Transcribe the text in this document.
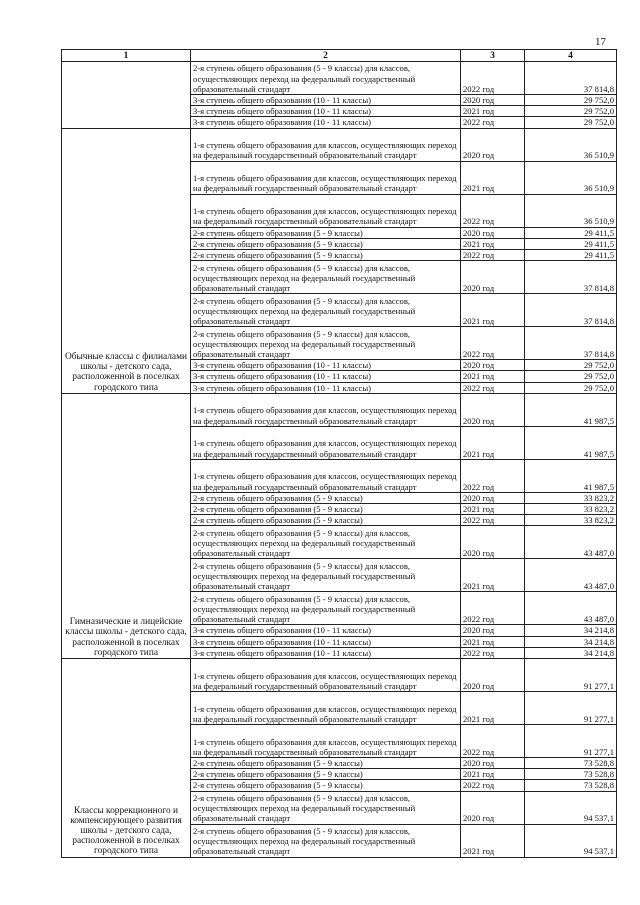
17
1	2	3	4
	2-я ступень общего образования (5 - 9 классы) для классов, осуществляющих переход на федеральный государственный образовательный стандарт	2022 год	37 814,8
	3-я ступень общего образования (10 - 11 классы)	2020 год	29 752,0
	3-я ступень общего образования (10 - 11 классы)	2021 год	29 752,0
	3-я ступень общего образования (10 - 11 классы)	2022 год	29 752,0
Обычные классы с филиалами школы - детского сада, расположенной в поселках городского типа	1-я ступень общего образования для классов, осуществляющих переход на федеральный государственный образовательный стандарт	2020 год	36 510,9
	1-я ступень общего образования для классов, осуществляющих переход на федеральный государственный образовательный стандарт	2021 год	36 510,9
	1-я ступень общего образования для классов, осуществляющих переход на федеральный государственный образовательный стандарт	2022 год	36 510,9
	2-я ступень общего образования (5 - 9 классы)	2020 год	29 411,5
	2-я ступень общего образования (5 - 9 классы)	2021 год	29 411,5
	2-я ступень общего образования (5 - 9 классы)	2022 год	29 411,5
	2-я ступень общего образования (5 - 9 классы) для классов, осуществляющих переход на федеральный государственный образовательный стандарт	2020 год	37 814,8
	2-я ступень общего образования (5 - 9 классы) для классов, осуществляющих переход на федеральный государственный образовательный стандарт	2021 год	37 814,8
	2-я ступень общего образования (5 - 9 классы) для классов, осуществляющих переход на федеральный государственный образовательный стандарт	2022 год	37 814,8
	3-я ступень общего образования (10 - 11 классы)	2020 год	29 752,0
	3-я ступень общего образования (10 - 11 классы)	2021 год	29 752,0
	3-я ступень общего образования (10 - 11 классы)	2022 год	29 752,0
Гимназические и лицейские классы школы - детского сада, расположенной в поселках городского типа	1-я ступень общего образования для классов, осуществляющих переход на федеральный государственный образовательный стандарт	2020 год	41 987,5
	1-я ступень общего образования для классов, осуществляющих переход на федеральный государственный образовательный стандарт	2021 год	41 987,5
	1-я ступень общего образования для классов, осуществляющих переход на федеральный государственный образовательный стандарт	2022 год	41 987,5
	2-я ступень общего образования (5 - 9 классы)	2020 год	33 823,2
	2-я ступень общего образования (5 - 9 классы)	2021 год	33 823,2
	2-я ступень общего образования (5 - 9 классы)	2022 год	33 823,2
	2-я ступень общего образования (5 - 9 классы) для классов, осуществляющих переход на федеральный государственный образовательный стандарт	2020 год	43 487,0
	2-я ступень общего образования (5 - 9 классы) для классов, осуществляющих переход на федеральный государственный образовательный стандарт	2021 год	43 487,0
	2-я ступень общего образования (5 - 9 классы) для классов, осуществляющих переход на федеральный государственный образовательный стандарт	2022 год	43 487,0
	3-я ступень общего образования (10 - 11 классы)	2020 год	34 214,8
	3-я ступень общего образования (10 - 11 классы)	2021 год	34 214,8
	3-я ступень общего образования (10 - 11 классы)	2022 год	34 214,8
Классы коррекционного и компенсирующего развития школы - детского сада, расположенной в поселках городского типа	1-я ступень общего образования для классов, осуществляющих переход на федеральный государственный образовательный стандарт	2020 год	91 277,1
	1-я ступень общего образования для классов, осуществляющих переход на федеральный государственный образовательный стандарт	2021 год	91 277,1
	1-я ступень общего образования для классов, осуществляющих переход на федеральный государственный образовательный стандарт	2022 год	91 277,1
	2-я ступень общего образования (5 - 9 классы)	2020 год	73 528,8
	2-я ступень общего образования (5 - 9 классы)	2021 год	73 528,8
	2-я ступень общего образования (5 - 9 классы)	2022 год	73 528,8
	2-я ступень общего образования (5 - 9 классы) для классов, осуществляющих переход на федеральный государственный образовательный стандарт	2020 год	94 537,1
	2-я ступень общего образования (5 - 9 классы) для классов, осуществляющих переход на федеральный государственный образовательный стандарт	2021 год	94 537,1
